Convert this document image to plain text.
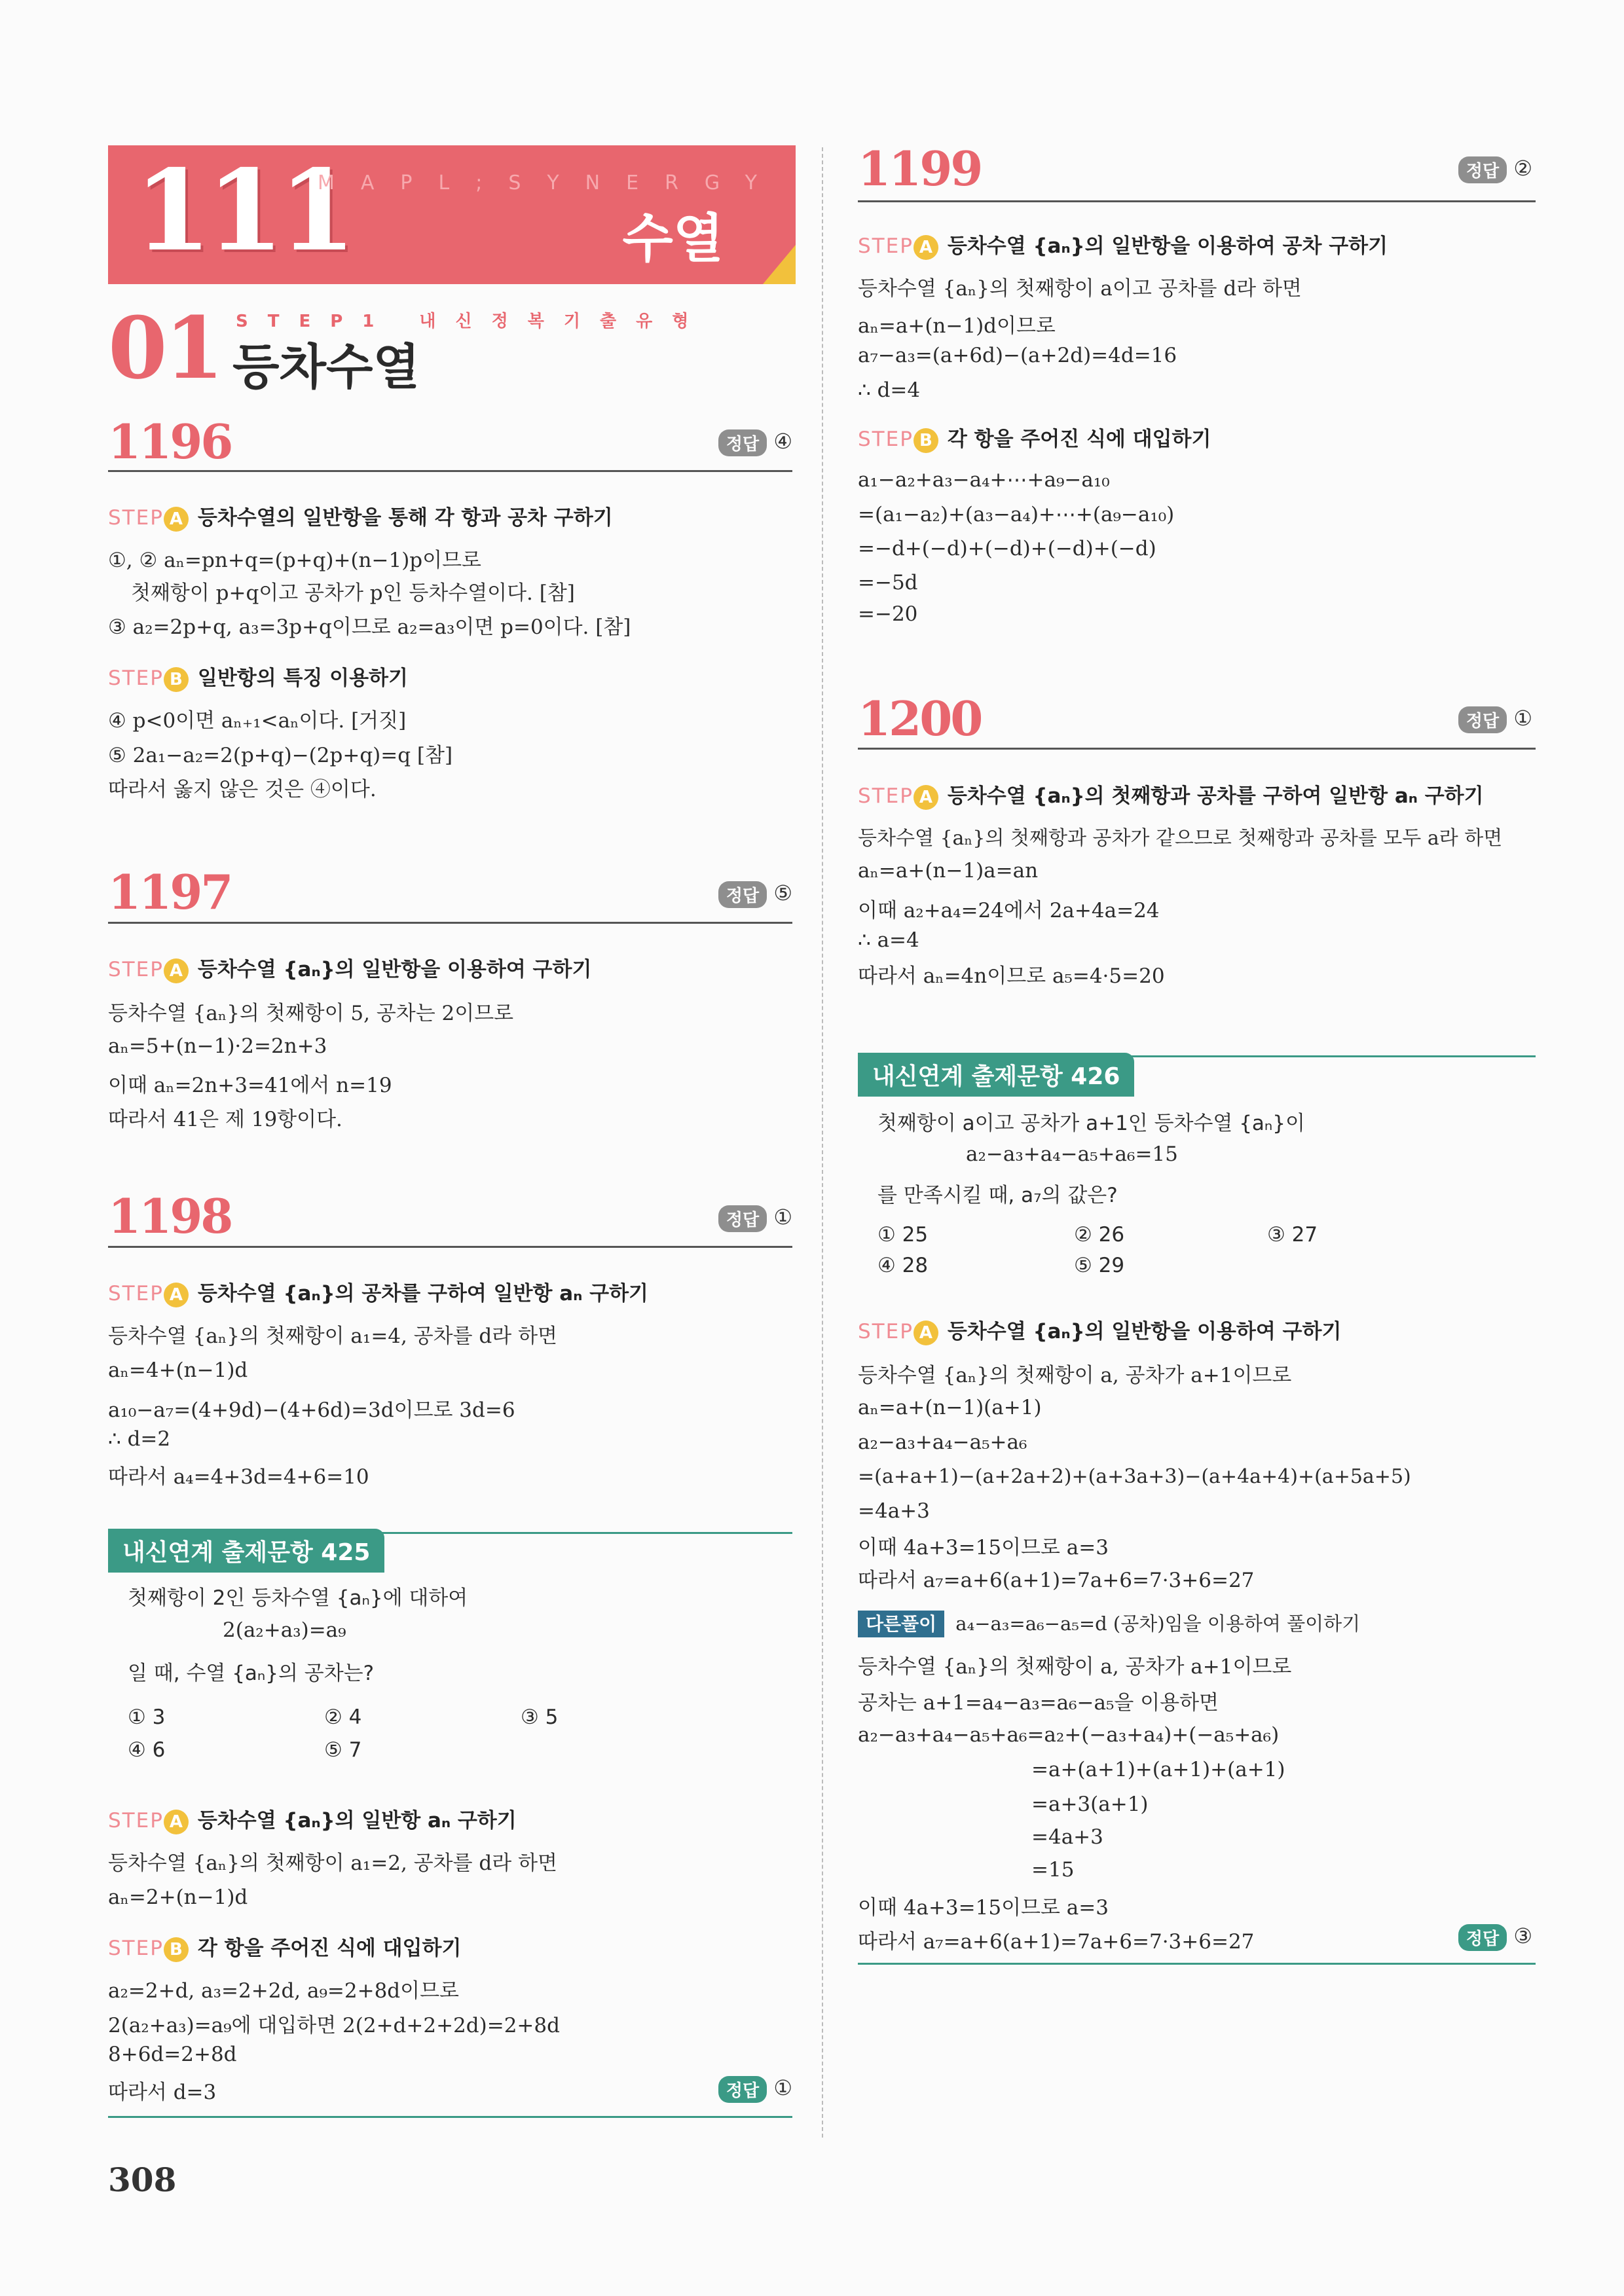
111
MAPL;SYNERGY
수열
01 STEP1 내신정복기출유형
등차수열
1196	정답 ④
STEP A 등차수열의 일반항을 통해 각 항과 공차 구하기
①, ② aₙ=pn+q=(p+q)+(n−1)p이므로
첫째항이 p+q이고 공차가 p인 등차수열이다. [참]
③ a₂=2p+q, a₃=3p+q이므로 a₂=a₃이면 p=0이다. [참]
STEP B 일반항의 특징 이용하기
④ p<0이면 aₙ₊₁<aₙ이다. [거짓]
⑤ 2a₁−a₂=2(p+q)−(2p+q)=q [참]
따라서 옳지 않은 것은 ④이다.
1197	정답 ⑤
STEP A 등차수열 {aₙ}의 일반항을 이용하여 구하기
등차수열 {aₙ}의 첫째항이 5, 공차는 2이므로
aₙ=5+(n−1)·2=2n+3
이때 aₙ=2n+3=41에서 n=19
따라서 41은 제 19항이다.
1198	정답 ①
STEP A 등차수열 {aₙ}의 공차를 구하여 일반항 aₙ 구하기
등차수열 {aₙ}의 첫째항이 a₁=4, 공차를 d라 하면
aₙ=4+(n−1)d
a₁₀−a₇=(4+9d)−(4+6d)=3d이므로 3d=6
∴ d=2
따라서 a₄=4+3d=4+6=10
내신연계 출제문항 425
첫째항이 2인 등차수열 {aₙ}에 대하여
2(a₂+a₃)=a₉
일 때, 수열 {aₙ}의 공차는?
① 3	② 4	③ 5
④ 6	⑤ 7
STEP A 등차수열 {aₙ}의 일반항 aₙ 구하기
등차수열 {aₙ}의 첫째항이 a₁=2, 공차를 d라 하면
aₙ=2+(n−1)d
STEP B 각 항을 주어진 식에 대입하기
a₂=2+d, a₃=2+2d, a₉=2+8d이므로
2(a₂+a₃)=a₉에 대입하면 2(2+d+2+2d)=2+8d
8+6d=2+8d
따라서 d=3	정답 ①
1199	정답 ②
STEP A 등차수열 {aₙ}의 일반항을 이용하여 공차 구하기
등차수열 {aₙ}의 첫째항이 a이고 공차를 d라 하면
aₙ=a+(n−1)d이므로
a₇−a₃=(a+6d)−(a+2d)=4d=16
∴ d=4
STEP B 각 항을 주어진 식에 대입하기
a₁−a₂+a₃−a₄+⋯+a₉−a₁₀
=(a₁−a₂)+(a₃−a₄)+⋯+(a₉−a₁₀)
=−d+(−d)+(−d)+(−d)+(−d)
=−5d
=−20
1200	정답 ①
STEP A 등차수열 {aₙ}의 첫째항과 공차를 구하여 일반항 aₙ 구하기
등차수열 {aₙ}의 첫째항과 공차가 같으므로 첫째항과 공차를 모두 a라 하면
aₙ=a+(n−1)a=an
이때 a₂+a₄=24에서 2a+4a=24
∴ a=4
따라서 aₙ=4n이므로 a₅=4·5=20
내신연계 출제문항 426
첫째항이 a이고 공차가 a+1인 등차수열 {aₙ}이
a₂−a₃+a₄−a₅+a₆=15
를 만족시킬 때, a₇의 값은?
① 25	② 26	③ 27
④ 28	⑤ 29
STEP A 등차수열 {aₙ}의 일반항을 이용하여 구하기
등차수열 {aₙ}의 첫째항이 a, 공차가 a+1이므로
aₙ=a+(n−1)(a+1)
a₂−a₃+a₄−a₅+a₆
=(a+a+1)−(a+2a+2)+(a+3a+3)−(a+4a+4)+(a+5a+5)
=4a+3
이때 4a+3=15이므로 a=3
따라서 a₇=a+6(a+1)=7a+6=7·3+6=27
다른풀이 a₄−a₃=a₆−a₅=d (공차)임을 이용하여 풀이하기
등차수열 {aₙ}의 첫째항이 a, 공차가 a+1이므로
공차는 a+1=a₄−a₃=a₆−a₅을 이용하면
a₂−a₃+a₄−a₅+a₆=a₂+(−a₃+a₄)+(−a₅+a₆)
=a+(a+1)+(a+1)+(a+1)
=a+3(a+1)
=4a+3
=15
이때 4a+3=15이므로 a=3
따라서 a₇=a+6(a+1)=7a+6=7·3+6=27	정답 ③
308
